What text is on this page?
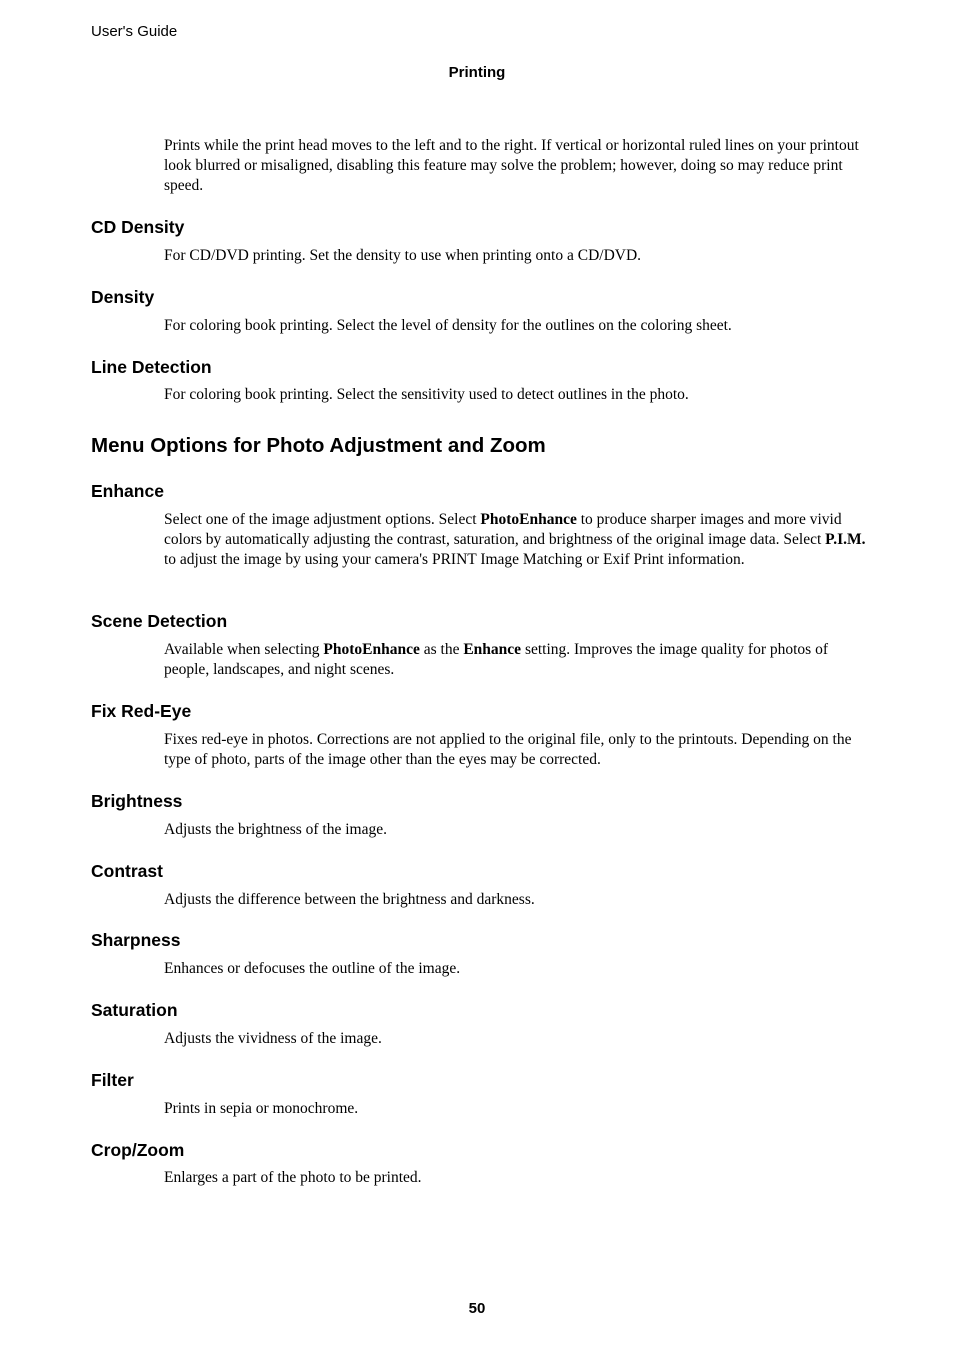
User's Guide
Printing

Prints while the print head moves to the left and to the right. If vertical or horizontal ruled lines on your printout look blurred or misaligned, disabling this feature may solve the problem; however, doing so may reduce print speed.

CD Density

For CD/DVD printing. Set the density to use when printing onto a CD/DVD.

Density

For coloring book printing. Select the level of density for the outlines on the coloring sheet.

Line Detection

For coloring book printing. Select the sensitivity used to detect outlines in the photo.

Menu Options for Photo Adjustment and Zoom
Enhance

Select one of the image adjustment options. Select PhotoEnhance to produce sharper images and more vivid colors by automatically adjusting the contrast, saturation, and brightness of the original image data. Select P.I.M. to adjust the image by using your camera's PRINT Image Matching or Exif Print information.

Scene Detection

Available when selecting PhotoEnhance as the Enhance setting. Improves the image quality for photos of people, landscapes, and night scenes.

Fix Red-Eye

Fixes red-eye in photos. Corrections are not applied to the original file, only to the printouts. Depending on the type of photo, parts of the image other than the eyes may be corrected.

Brightness

Adjusts the brightness of the image.

Contrast

Adjusts the difference between the brightness and darkness.

Sharpness

Enhances or defocuses the outline of the image.

Saturation

Adjusts the vividness of the image.

Filter

Prints in sepia or monochrome.

Crop/Zoom

Enlarges a part of the photo to be printed.

50
